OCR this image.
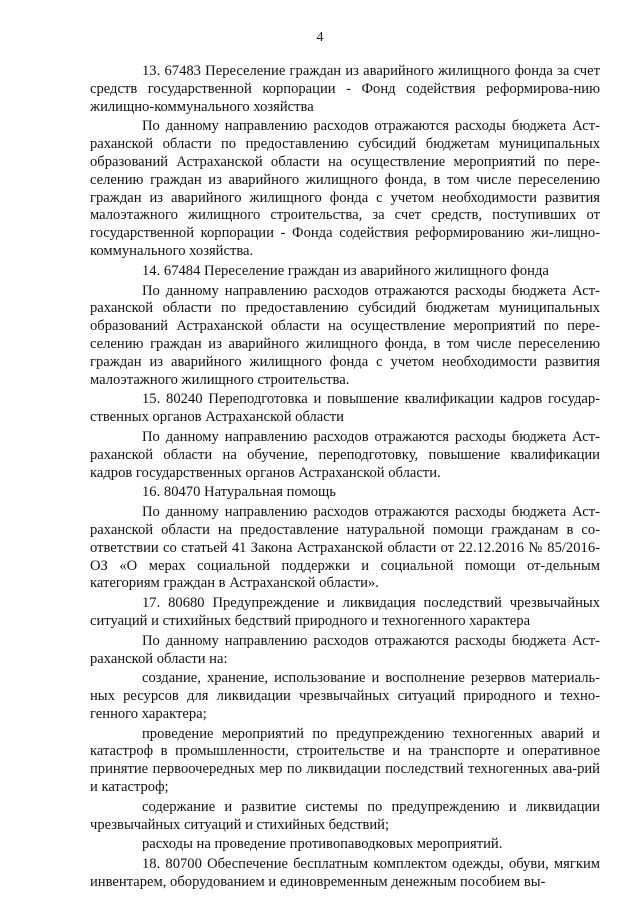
4

13. 67483 Переселение граждан из аварийного жилищного фонда за счет средств государственной корпорации - Фонд содействия реформирова-нию жилищно-коммунального хозяйства

По данному направлению расходов отражаются расходы бюджета Аст-раханской области по предоставлению субсидий бюджетам муниципальных образований Астраханской области на осуществление мероприятий по пере-селению граждан из аварийного жилищного фонда, в том числе переселению граждан из аварийного жилищного фонда с учетом необходимости развития малоэтажного жилищного строительства, за счет средств, поступивших от государственной корпорации - Фонда содействия реформированию жи-лищно-коммунального хозяйства.

14. 67484 Переселение граждан из аварийного жилищного фонда

По данному направлению расходов отражаются расходы бюджета Аст-раханской области по предоставлению субсидий бюджетам муниципальных образований Астраханской области на осуществление мероприятий по пере-селению граждан из аварийного жилищного фонда, в том числе переселению граждан из аварийного жилищного фонда с учетом необходимости развития малоэтажного жилищного строительства.

15. 80240 Переподготовка и повышение квалификации кадров государ-ственных органов Астраханской области

По данному направлению расходов отражаются расходы бюджета Аст-раханской области на обучение, переподготовку, повышение квалификации кадров государственных органов Астраханской области.

16. 80470 Натуральная помощь

По данному направлению расходов отражаются расходы бюджета Аст-раханской области на предоставление натуральной помощи гражданам в со-ответствии со статьей 41 Закона Астраханской области от 22.12.2016 № 85/2016-ОЗ «О мерах социальной поддержки и социальной помощи от-дельным категориям граждан в Астраханской области».

17. 80680 Предупреждение и ликвидация последствий чрезвычайных ситуаций и стихийных бедствий природного и техногенного характера

По данному направлению расходов отражаются расходы бюджета Аст-раханской области на:

создание, хранение, использование и восполнение резервов материаль-ных ресурсов для ликвидации чрезвычайных ситуаций природного и техно-генного характера;

проведение мероприятий по предупреждению техногенных аварий и катастроф в промышленности, строительстве и на транспорте и оперативное принятие первоочередных мер по ликвидации последствий техногенных ава-рий и катастроф;

содержание и развитие системы по предупреждению и ликвидации чрезвычайных ситуаций и стихийных бедствий;

расходы на проведение противопаводковых мероприятий.

18. 80700 Обеспечение бесплатным комплектом одежды, обуви, мягким инвентарем, оборудованием и единовременным денежным пособием вы-
